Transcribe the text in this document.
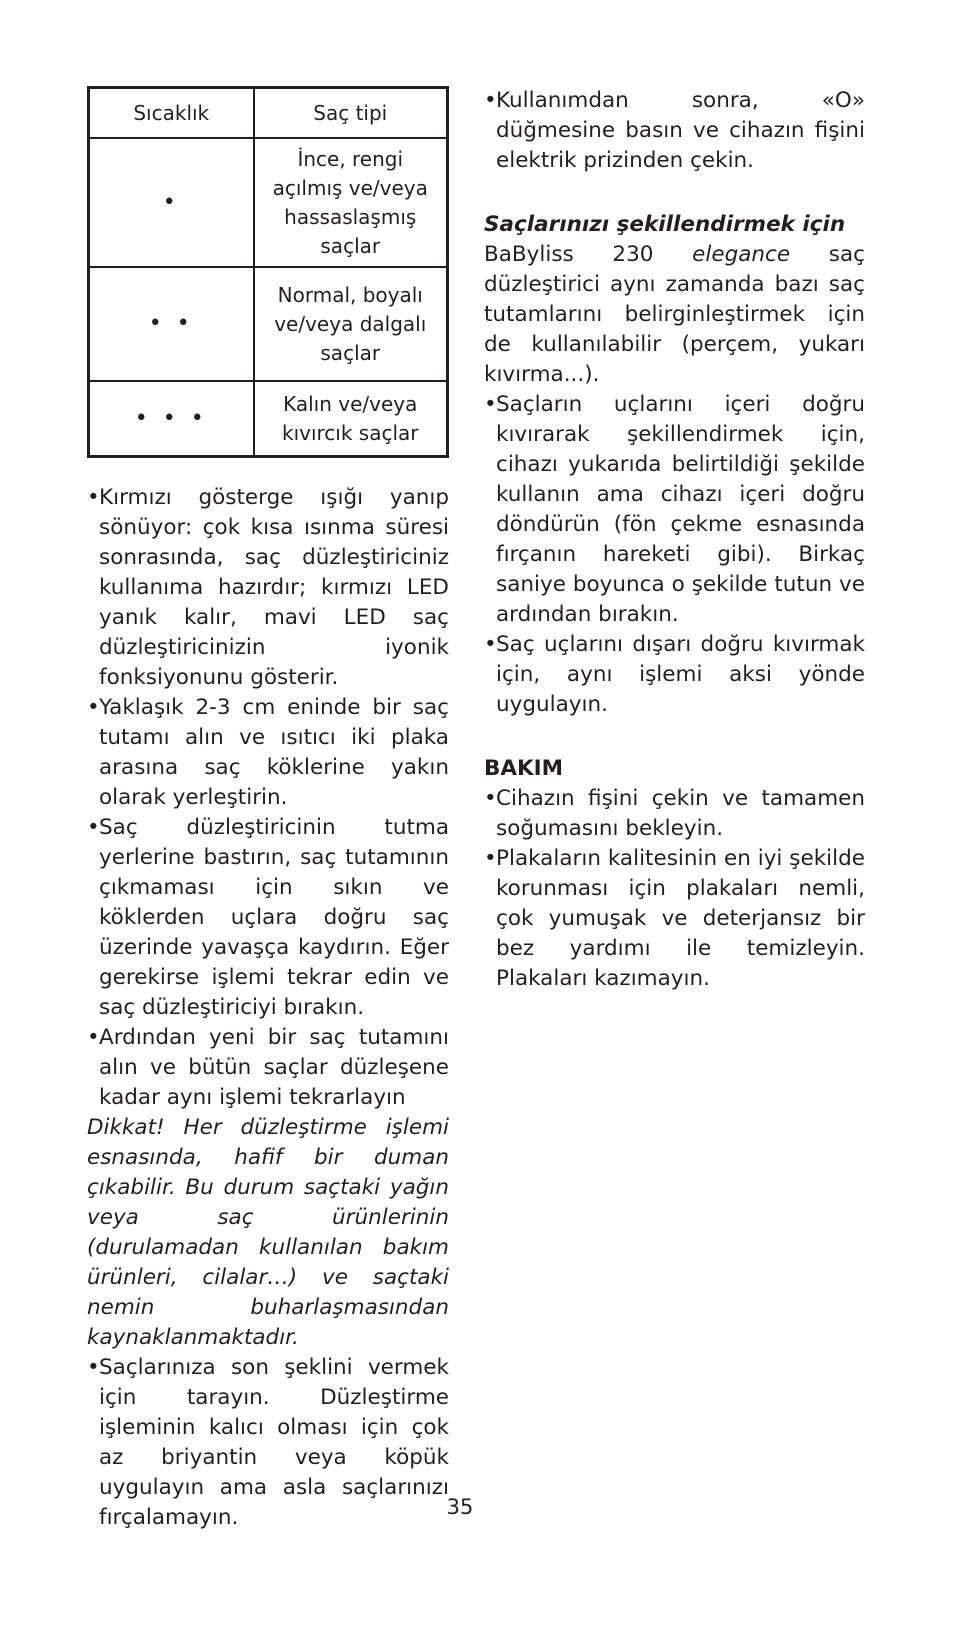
Sıcaklık	Saç tipi
•	İnce, rengi açılmış ve/veya hassaslaşmış saçlar
• •	Normal, boyalı ve/veya dalgalı saçlar
• • •	Kalın ve/veya kıvırcık saçlar
• Kırmızı gösterge ışığı yanıp sönüyor: çok kısa ısınma süresi sonrasında, saç düzleştiriciniz kullanıma hazırdır; kırmızı LED yanık kalır, mavi LED saç düzleştiricinizin iyonik fonksiyonunu gösterir.
• Yaklaşık 2-3 cm eninde bir saç tutamı alın ve ısıtıcı iki plaka arasına saç köklerine yakın olarak yerleştirin.
• Saç düzleştiricinin tutma yerlerine bastırın, saç tutamının çıkmaması için sıkın ve köklerden uçlara doğru saç üzerinde yavaşça kaydırın. Eğer gerekirse işlemi tekrar edin ve saç düzleştiriciyi bırakın.
• Ardından yeni bir saç tutamını alın ve bütün saçlar düzleşene kadar aynı işlemi tekrarlayın

Dikkat! Her düzleştirme işlemi esnasında, hafif bir duman çıkabilir. Bu durum saçtaki yağın veya saç ürünlerinin (durulamadan kullanılan bakım ürünleri, cilalar…) ve saçtaki nemin buharlaşmasından kaynaklanmaktadır.

• Saçlarınıza son şeklini vermek için tarayın. Düzleştirme işleminin kalıcı olması için çok az briyantin veya köpük uygulayın ama asla saçlarınızı fırçalamayın.
• Kullanımdan sonra, «O» düğmesine basın ve cihazın fişini elektrik prizinden çekin.
Saçlarınızı şekillendirmek için

BaByliss 230 elegance saç düzleştirici aynı zamanda bazı saç tutamlarını belirginleştirmek için de kullanılabilir (perçem, yukarı kıvırma...).

• Saçların uçlarını içeri doğru kıvırarak şekillendirmek için, cihazı yukarıda belirtildiği şekilde kullanın ama cihazı içeri doğru döndürün (fön çekme esnasında fırçanın hareketi gibi). Birkaç saniye boyunca o şekilde tutun ve ardından bırakın.
• Saç uçlarını dışarı doğru kıvırmak için, aynı işlemi aksi yönde uygulayın.
BAKIM
• Cihazın fişini çekin ve tamamen soğumasını bekleyin.
• Plakaların kalitesinin en iyi şekilde korunması için plakaları nemli, çok yumuşak ve deterjansız bir bez yardımı ile temizleyin. Plakaları kazımayın.
35
